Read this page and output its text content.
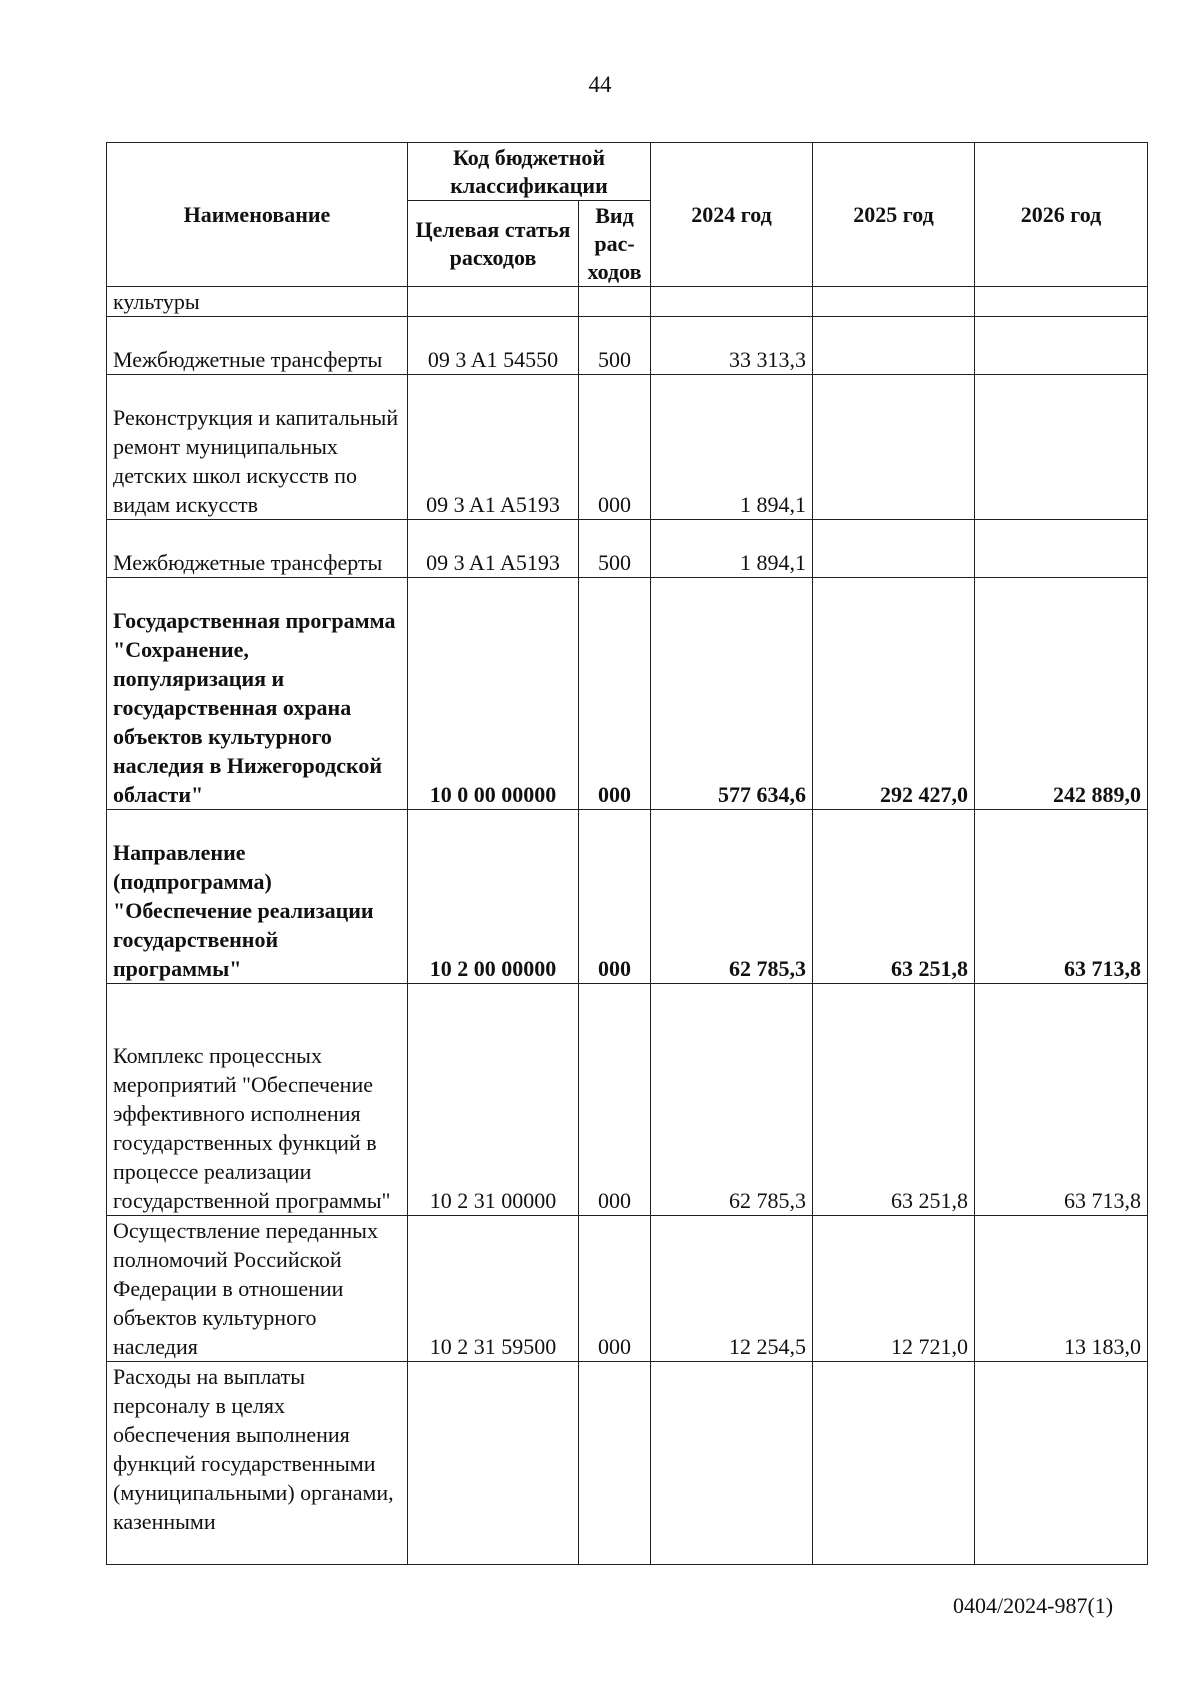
44
Наименование	Код бюджетной классификации		2024 год	2025 год	2026 год
	Целевая статья расходов	Вид рас-ходов			
культуры					
Межбюджетные трансферты	09 3 A1 54550	500	33 313,3		
Реконструкция и капитальный ремонт муниципальных детских школ искусств по видам искусств	09 3 A1 A5193	000	1 894,1		
Межбюджетные трансферты	09 3 A1 A5193	500	1 894,1		
Государственная программа "Сохранение, популяризация и государственная охрана объектов культурного наследия в Нижегородской области"	10 0 00 00000	000	577 634,6	292 427,0	242 889,0
Направление (подпрограмма) "Обеспечение реализации государственной программы"	10 2 00 00000	000	62 785,3	63 251,8	63 713,8
Комплекс процессных мероприятий "Обеспечение эффективного исполнения государственных функций в процессе реализации государственной программы"	10 2 31 00000	000	62 785,3	63 251,8	63 713,8
Осуществление переданных полномочий Российской Федерации в отношении объектов культурного наследия	10 2 31 59500	000	12 254,5	12 721,0	13 183,0
Расходы на выплаты персоналу в целях обеспечения выполнения функций государственными (муниципальными) органами, казенными					
0404/2024-987(1)
